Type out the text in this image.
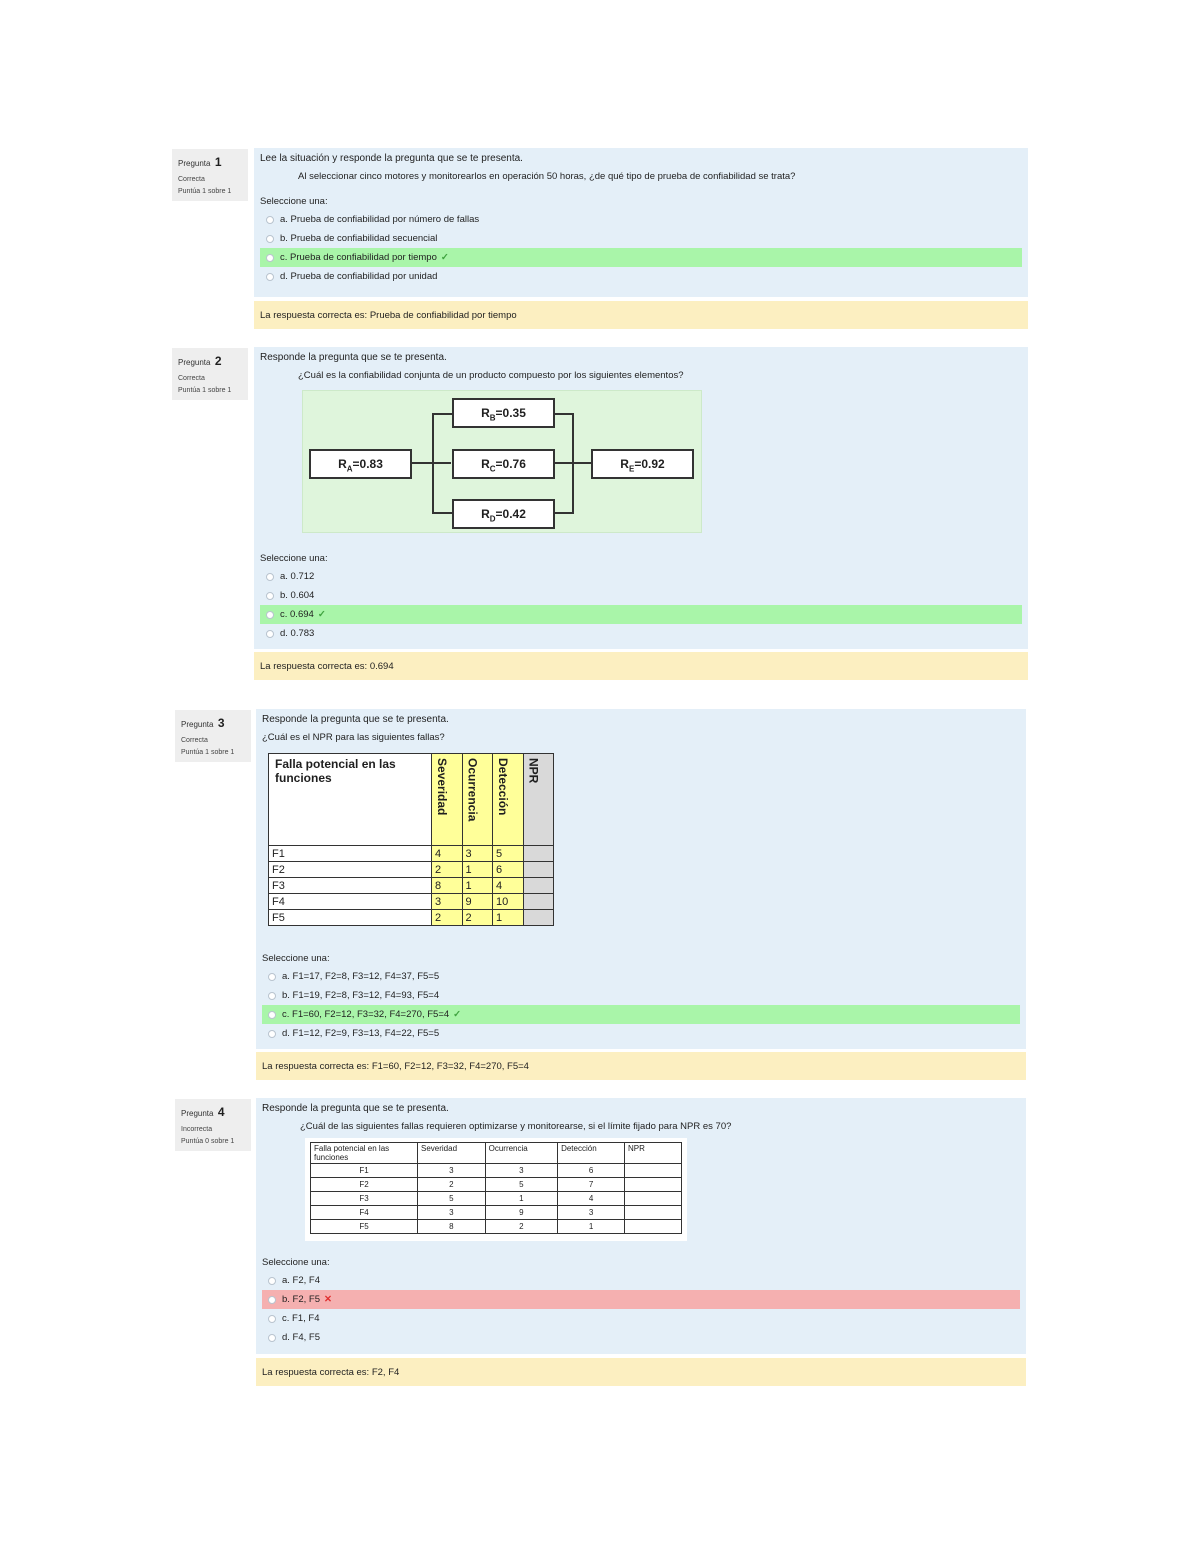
Pregunta 1
Correcta
Puntúa 1 sobre 1
Lee la situación y responde la pregunta que se te presenta.
Al seleccionar cinco motores y monitorearlos en operación 50 horas, ¿de qué tipo de prueba de confiabilidad se trata?
Seleccione una:
a. Prueba de confiabilidad por número de fallas
b. Prueba de confiabilidad secuencial
c. Prueba de confiabilidad por tiempo ✓
d. Prueba de confiabilidad por unidad
La respuesta correcta es: Prueba de confiabilidad por tiempo
Pregunta 2
Correcta
Puntúa 1 sobre 1
Responde la pregunta que se te presenta.
¿Cuál es la confiabilidad conjunta de un producto compuesto por los siguientes elementos?
Seleccione una:
a. 0.712
b. 0.604
c. 0.694 ✓
d. 0.783
$R_A=0.83$
$R_B=0.35$
$R_C=0.76$
$R_D=0.42$
$R_E=0.92$
La respuesta correcta es: 0.694
Pregunta 3
Correcta
Puntúa 1 sobre 1
Responde la pregunta que se te presenta.
¿Cuál es el NPR para las siguientes fallas?
Seleccione una:
a. F1=17, F2=8, F3=12, F4=37, F5=5
b. F1=19, F2=8, F3=12, F4=93, F5=4
c. F1=60, F2=12, F3=32, F4=270, F5=4 ✓
d. F1=12, F2=9, F3=13, F4=22, F5=5
Falla potencial en las funciones	Severidad	Ocurrencia	Detección	NPR

F1	4	3	5	
F2	2	1	6	
F3	8	1	4	
F4	3	9	10	
F5	2	2	1	
La respuesta correcta es: F1=60, F2=12, F3=32, F4=270, F5=4
Pregunta 4
Incorrecta
Puntúa 0 sobre 1
Responde la pregunta que se te presenta.
¿Cuál de las siguientes fallas requieren optimizarse y monitorearse, si el límite fijado para NPR es 70?
Seleccione una:
a. F2, F4
b. F2, F5 ✕
c. F1, F4
d. F4, F5
Falla potencial en las funciones	Severidad	Ocurrencia	Detección	NPR
F1	3	3	6	
F2	2	5	7	
F3	5	1	4	
F4	3	9	3	
F5	8	2	1	
La respuesta correcta es: F2, F4
